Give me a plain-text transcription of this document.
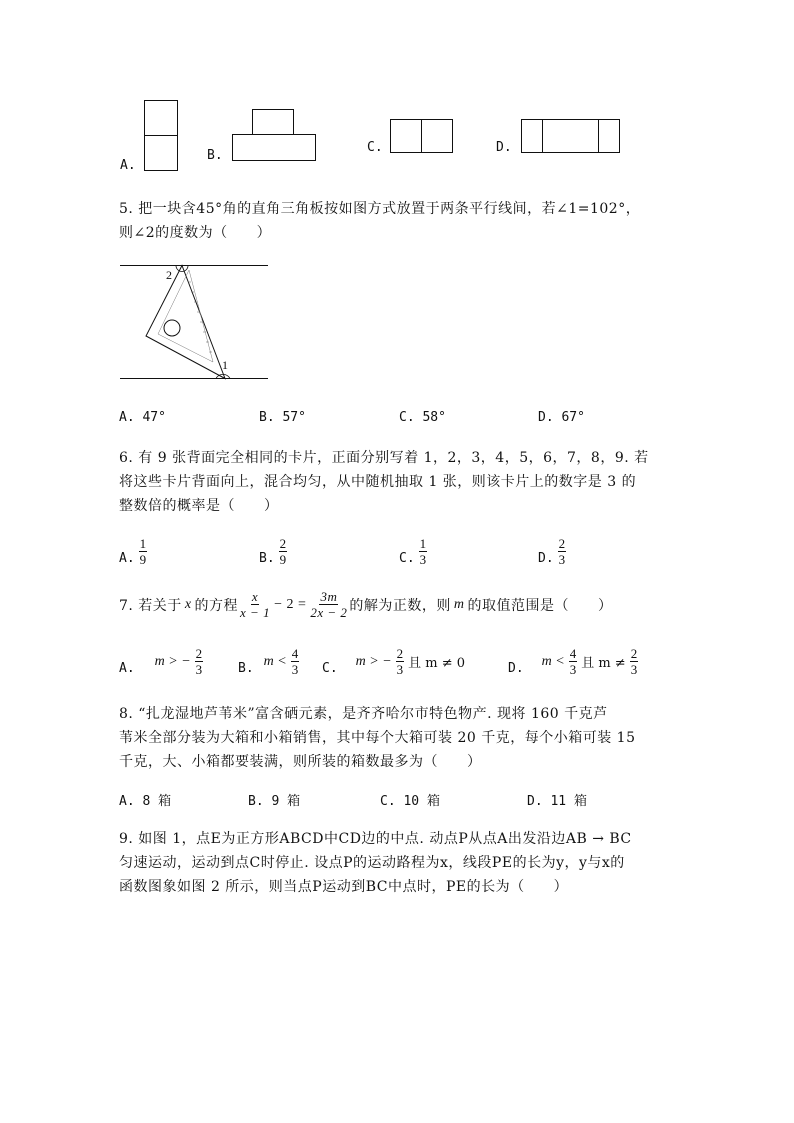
A.
B.
C.	D.
5. 把一块含45°角的直角三角板按如图方式放置于两条平行线间，若∠1=102°，
则∠2的度数为（　　）
2
1
A. 47°	B. 57°	C. 58°	D. 67°
6. 有 9 张背面完全相同的卡片，正面分别写着 1，2，3，4，5，6，7，8，9. 若
将这些卡片背面向上，混合均匀，从中随机抽取 1 张，则该卡片上的数字是 3 的
整数倍的概率是（　　）
A. $\frac{1}{9}$	B. $\frac{2}{9}$	C. $\frac{1}{3}$	D. $\frac{2}{3}$
7. 若关于 x 的方程 $\frac{x}{x - 1} - 2 = \frac{3m}{2x - 2}$ 的解为正数，则 m 的取值范围是（　　）
A. m > − $\frac{2}{3}$	B. $m < \frac{4}{3} C$. m > − $\frac{2}{3}$ 且 m ≠ 0	D. $m < \frac{4}{3}$ 且 $m \ne \frac{2}{3}$
8. “扎龙湿地芦苇米”富含硒元素，是齐齐哈尔市特色物产. 现将 160 千克芦
苇米全部分装为大箱和小箱销售，其中每个大箱可装 20 千克，每个小箱可装 15
千克，大、小箱都要装满，则所装的箱数最多为（　　）
A. 8 箱	B. 9 箱	C. 10 箱	D. 11 箱
9. 如图 1，点E为正方形ABCD中CD边的中点. 动点P从点A出发沿边AB → BC
匀速运动，运动到点C时停止. 设点P的运动路程为x，线段PE的长为y，y与x的
函数图象如图 2 所示，则当点P运动到BC中点时，PE的长为（　　）
